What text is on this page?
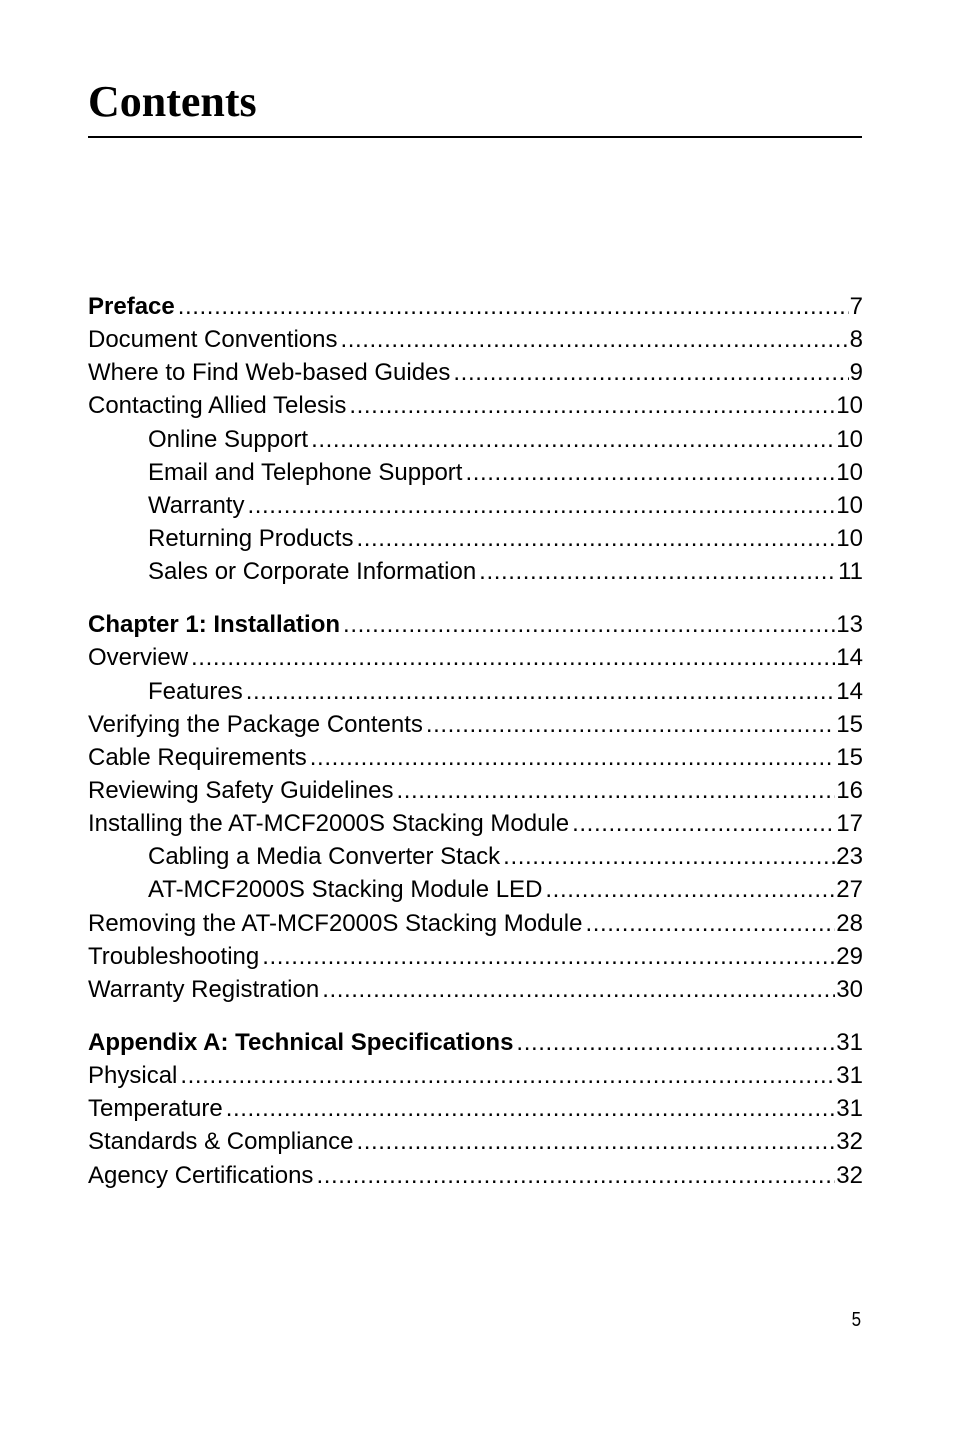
Contents
Preface .....	7
Document Conventions .....	8
Where to Find Web-based Guides .....	9
Contacting Allied Telesis .....	10
Online Support .....	10
Email and Telephone Support .....	10
Warranty .....	10
Returning Products .....	10
Sales or Corporate Information .....	11
Chapter 1: Installation .....	13
Overview .....	14
Features .....	14
Verifying the Package Contents .....	15
Cable Requirements .....	15
Reviewing Safety Guidelines .....	16
Installing the AT-MCF2000S Stacking Module .....	17
Cabling a Media Converter Stack .....	23
AT-MCF2000S Stacking Module LED .....	27
Removing the AT-MCF2000S Stacking Module .....	28
Troubleshooting .....	29
Warranty Registration .....	30
Appendix A: Technical Specifications .....	31
Physical .....	31
Temperature .....	31
Standards & Compliance .....	32
Agency Certifications .....	32
5
